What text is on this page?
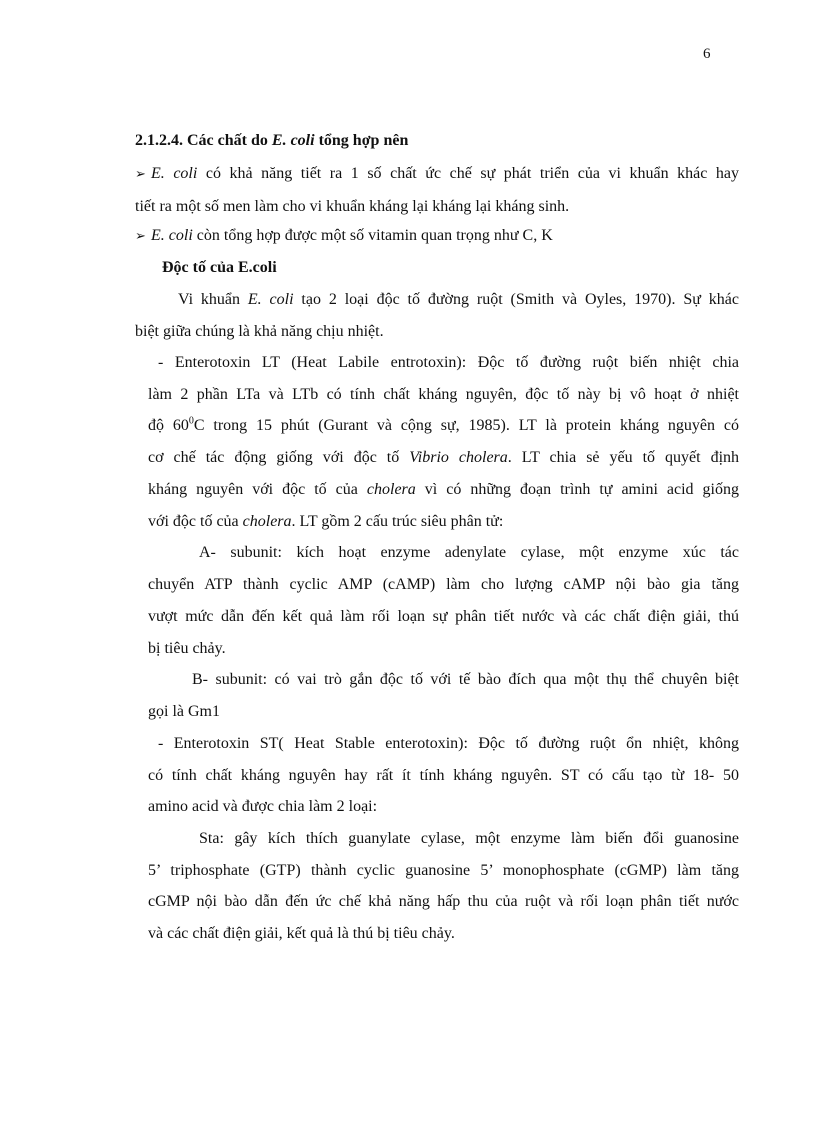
6
2.1.2.4. Các chất do E. coli tổng hợp nên
➢ E. coli có khả năng tiết ra 1 số chất ức chế sự phát triển của vi khuẩn khác hay
tiết ra một số men làm cho vi khuẩn kháng lại kháng lại kháng sinh.
➢ E. coli còn tổng hợp được một số vitamin quan trọng như C, K
Độc tố của E.coli
Vi khuẩn E. coli tạo 2 loại độc tố đường ruột (Smith và Oyles, 1970). Sự khác
biệt giữa chúng là khả năng chịu nhiệt.
- Enterotoxin LT (Heat Labile entrotoxin): Độc tố đường ruột biến nhiệt chia
làm 2 phần LTa và LTb có tính chất kháng nguyên, độc tố này bị vô hoạt ở nhiệt
độ $60^0C$ trong 15 phút (Gurant và cộng sự, 1985). LT là protein kháng nguyên có
cơ chế tác động giống với độc tố Vibrio cholera. LT chia sẻ yếu tố quyết định
kháng nguyên với độc tố của cholera vì có những đoạn trình tự amini acid giống
với độc tố của cholera. LT gồm 2 cấu trúc siêu phân tử:
A- subunit: kích hoạt enzyme adenylate cylase, một enzyme xúc tác
chuyển ATP thành cyclic AMP (cAMP) làm cho lượng cAMP nội bào gia tăng
vượt mức dẫn đến kết quả làm rối loạn sự phân tiết nước và các chất điện giải, thú
bị tiêu chảy.
B- subunit: có vai trò gắn độc tố với tế bào đích qua một thụ thể chuyên biệt
gọi là Gm1
- Enterotoxin ST( Heat Stable enterotoxin): Độc tố đường ruột ổn nhiệt, không
có tính chất kháng nguyên hay rất ít tính kháng nguyên. ST có cấu tạo từ 18- 50
amino acid và được chia làm 2 loại:
Sta: gây kích thích guanylate cylase, một enzyme làm biến đổi guanosine
5’ triphosphate (GTP) thành cyclic guanosine 5’ monophosphate (cGMP) làm tăng
cGMP nội bào dẫn đến ức chế khả năng hấp thu của ruột và rối loạn phân tiết nước
và các chất điện giải, kết quả là thú bị tiêu chảy.
